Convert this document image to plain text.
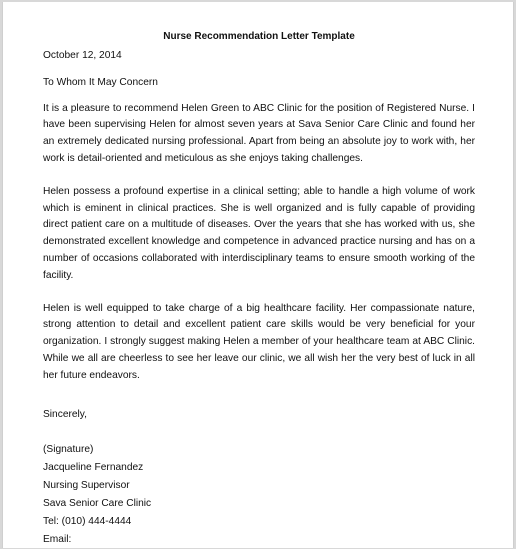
Nurse Recommendation Letter Template
October 12, 2014
To Whom It May Concern
It is a pleasure to recommend Helen Green to ABC Clinic for the position of Registered Nurse. I have been supervising Helen for almost seven years at Sava Senior Care Clinic and found her an extremely dedicated nursing professional. Apart from being an absolute joy to work with, her work is detail-oriented and meticulous as she enjoys taking challenges.
Helen possess a profound expertise in a clinical setting; able to handle a high volume of work which is eminent in clinical practices. She is well organized and is fully capable of providing direct patient care on a multitude of diseases. Over the years that she has worked with us, she demonstrated excellent knowledge and competence in advanced practice nursing and has on a number of occasions collaborated with interdisciplinary teams to ensure smooth working of the facility.
Helen is well equipped to take charge of a big healthcare facility. Her compassionate nature, strong attention to detail and excellent patient care skills would be very beneficial for your organization. I strongly suggest making Helen a member of your healthcare team at ABC Clinic. While we all are cheerless to see her leave our clinic, we all wish her the very best of luck in all her future endeavors.
Sincerely,
(Signature)
Jacqueline Fernandez
Nursing Supervisor
Sava Senior Care Clinic
Tel: (010) 444-4444
Email:
